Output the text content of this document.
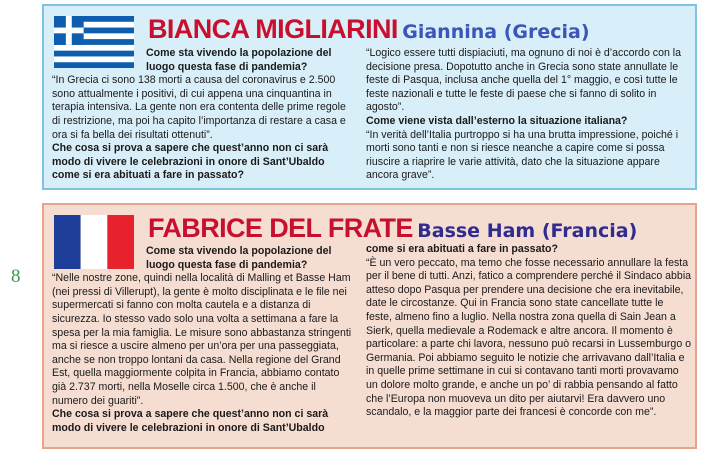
8
BIANCA MIGLIARINI Giannina (Grecia)

Come sta vivendo la popolazione del luogo questa fase di pandemia?

“In Grecia ci sono 138 morti a causa del coronavirus e 2.500 sono attualmente i positivi, di cui appena una cinquantina in terapia intensiva. La gente non era contenta delle prime regole di restrizione, ma poi ha capito l’importanza di restare a casa e ora si fa bella dei risultati ottenuti”.

Che cosa si prova a sapere che quest’anno non ci sarà modo di vivere le celebrazioni in onore di Sant’Ubaldo come si era abituati a fare in passato?

“Logico essere tutti dispiaciuti, ma ognuno di noi è d’accordo con la decisione presa. Dopotutto anche in Grecia sono state annullate le feste di Pasqua, inclusa anche quella del 1° maggio, e così tutte le feste nazionali e tutte le feste di paese che si fanno di solito in agosto”.

Come viene vista dall’esterno la situazione italiana?

“In verità dell’Italia purtroppo si ha una brutta impressione, poiché i morti sono tanti e non si riesce neanche a capire come si possa riuscire a riaprire le varie attività, dato che la situazione appare ancora grave”.

FABRICE DEL FRATE Basse Ham (Francia)

Come sta vivendo la popolazione del luogo questa fase di pandemia?

“Nelle nostre zone, quindi nella località di Malling et Basse Ham (nei pressi di Villerupt), la gente è molto disciplinata e le file nei supermercati si fanno con molta cautela e a distanza di sicurezza. Io stesso vado solo una volta a settimana a fare la spesa per la mia famiglia. Le misure sono abbastanza stringenti ma si riesce a uscire almeno per un’ora per una passeggiata, anche se non troppo lontani da casa. Nella regione del Grand Est, quella maggiormente colpita in Francia, abbiamo contato già 2.737 morti, nella Moselle circa 1.500, che è anche il numero dei guariti”.

Che cosa si prova a sapere che quest’anno non ci sarà modo di vivere le celebrazioni in onore di Sant’Ubaldo

come si era abituati a fare in passato?

“È un vero peccato, ma temo che fosse necessario annullare la festa per il bene di tutti. Anzi, fatico a comprendere perché il Sindaco abbia atteso dopo Pasqua per prendere una decisione che era inevitabile, date le circostanze. Qui in Francia sono state cancellate tutte le feste, almeno fino a luglio. Nella nostra zona quella di Sain Jean a Sierk, quella medievale a Rodemack e altre ancora. Il momento è particolare: a parte chi lavora, nessuno può recarsi in Lussemburgo o Germania. Poi abbiamo seguito le notizie che arrivavano dall’Italia e in quelle prime settimane in cui si contavano tanti morti provavamo un dolore molto grande, e anche un po’ di rabbia pensando al fatto che l’Europa non muoveva un dito per aiutarvi! Era davvero uno scandalo, e la maggior parte dei francesi è concorde con me”.
